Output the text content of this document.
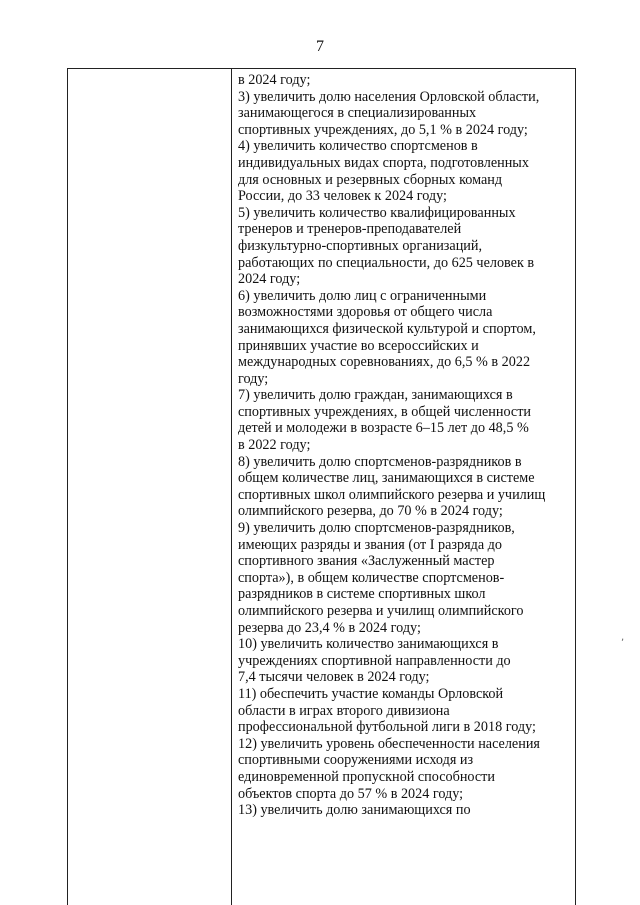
7
в 2024 году;
3) увеличить долю населения Орловской области,
занимающегося в специализированных
спортивных учреждениях, до 5,1 % в 2024 году;
4) увеличить количество спортсменов в
индивидуальных видах спорта, подготовленных
для основных и резервных сборных команд
России, до 33 человек к 2024 году;
5) увеличить количество квалифицированных
тренеров и тренеров-преподавателей
физкультурно-спортивных организаций,
работающих по специальности, до 625 человек в
2024 году;
6) увеличить долю лиц с ограниченными
возможностями здоровья от общего числа
занимающихся физической культурой и спортом,
принявших участие во всероссийских и
международных соревнованиях, до 6,5 % в 2022
году;
7) увеличить долю граждан, занимающихся в
спортивных учреждениях, в общей численности
детей и молодежи в возрасте 6–15 лет до 48,5 %
в 2022 году;
8) увеличить долю спортсменов-разрядников в
общем количестве лиц, занимающихся в системе
спортивных школ олимпийского резерва и училищ
олимпийского резерва, до 70 % в 2024 году;
9) увеличить долю спортсменов-разрядников,
имеющих разряды и звания (от I разряда до
спортивного звания «Заслуженный мастер
спорта»), в общем количестве спортсменов-
разрядников в системе спортивных школ
олимпийского резерва и училищ олимпийского
резерва до 23,4 % в 2024 году;
10) увеличить количество занимающихся в
учреждениях спортивной направленности до
7,4 тысячи человек в 2024 году;
11) обеспечить участие команды Орловской
области в играх второго дивизиона
профессиональной футбольной лиги в 2018 году;
12) увеличить уровень обеспеченности населения
спортивными сооружениями исходя из
единовременной пропускной способности
объектов спорта до 57 % в 2024 году;
13) увеличить долю занимающихся по
,
